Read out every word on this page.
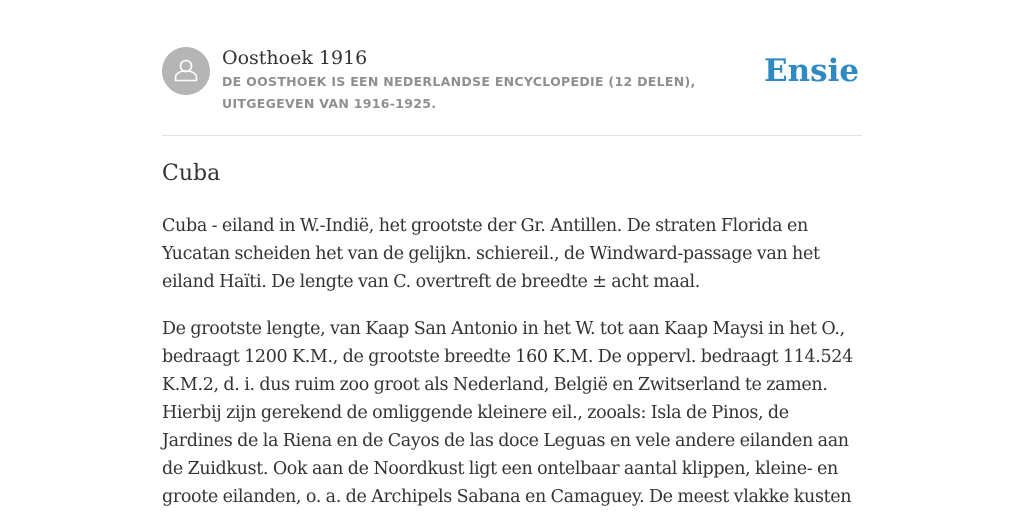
Oosthoek 1916
DE OOSTHOEK IS EEN NEDERLANDSE ENCYCLOPEDIE (12 DELEN), UITGEGEVEN VAN 1916-1925.
Ensie
Cuba

Cuba - eiland in W.-Indië, het grootste der Gr. Antillen. De straten Florida en
Yucatan scheiden het van de gelijkn. schiereil., de Windward-passage van het
eiland Haïti. De lengte van C. overtreft de breedte ± acht maal.

De grootste lengte, van Kaap San Antonio in het W. tot aan Kaap Maysi in het O.,
bedraagt 1200 K.M., de grootste breedte 160 K.M. De oppervl. bedraagt 114.524
K.M.2, d. i. dus ruim zoo groot als Nederland, België en Zwitserland te zamen.
Hierbij zijn gerekend de omliggende kleinere eil., zooals: Isla de Pinos, de
Jardines de la Riena en de Cayos de las doce Leguas en vele andere eilanden aan
de Zuidkust. Ook aan de Noordkust ligt een ontelbaar aantal klippen, kleine- en
groote eilanden, o. a. de Archipels Sabana en Camaguey. De meest vlakke kusten
